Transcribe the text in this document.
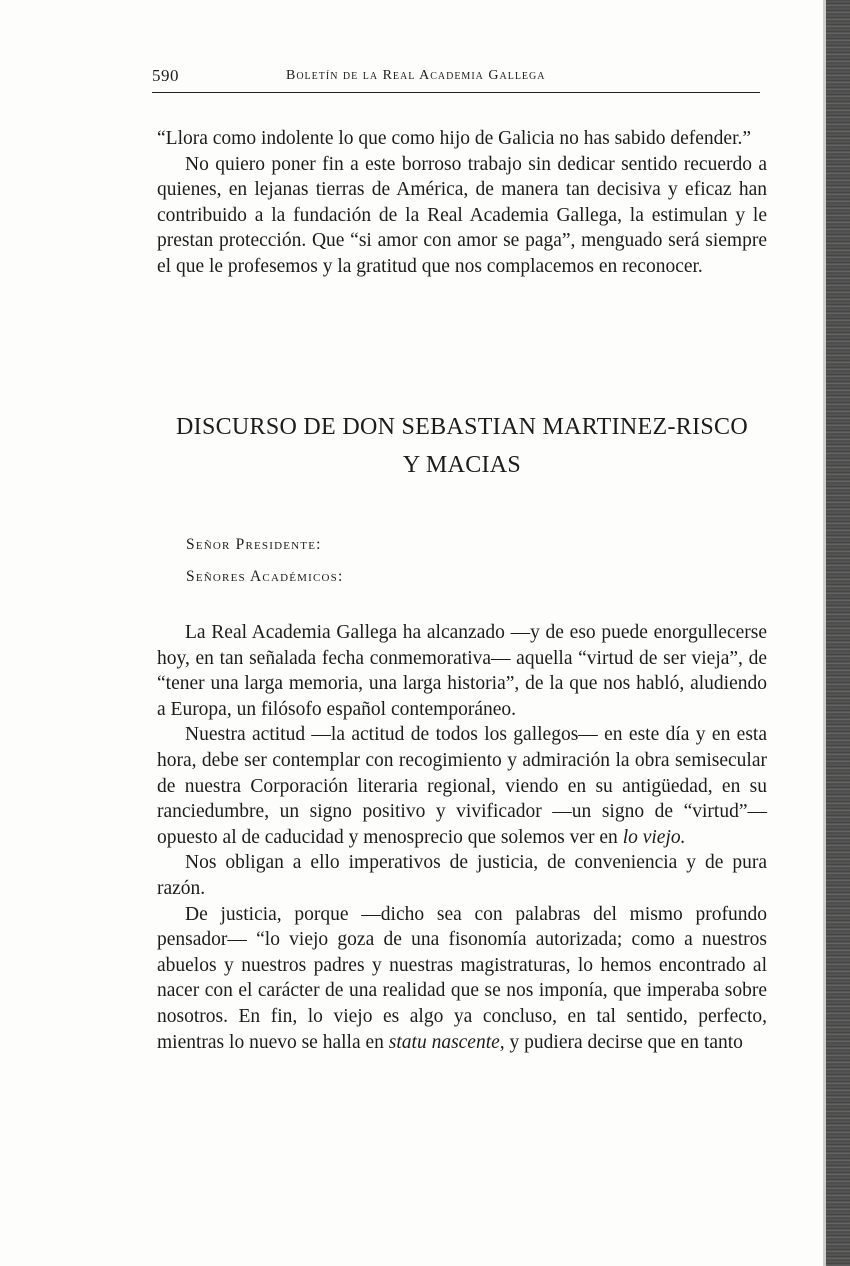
590	Boletín de la Real Academia Gallega

“Llora como indolente lo que como hijo de Galicia no has sabido defender.”

No quiero poner fin a este borroso trabajo sin dedicar sentido recuerdo a quienes, en lejanas tierras de América, de manera tan decisiva y eficaz han contribuido a la fundación de la Real Academia Gallega, la estimulan y le prestan protección. Que “si amor con amor se paga”, menguado será siempre el que le profesemos y la gratitud que nos complacemos en reconocer.

DISCURSO DE DON SEBASTIAN MARTINEZ-RISCO
Y MACIAS
Señor Presidente:
Señores Académicos:

La Real Academia Gallega ha alcanzado —y de eso puede enorgullecerse hoy, en tan señalada fecha conmemorativa— aquella “virtud de ser vieja”, de “tener una larga memoria, una larga historia”, de la que nos habló, aludiendo a Europa, un filósofo español contemporáneo.

Nuestra actitud —la actitud de todos los gallegos— en este día y en esta hora, debe ser contemplar con recogimiento y admiración la obra semisecular de nuestra Corporación literaria regional, viendo en su antigüedad, en su ranciedumbre, un signo positivo y vivificador —un signo de “virtud”— opuesto al de caducidad y menosprecio que solemos ver en lo viejo.

Nos obligan a ello imperativos de justicia, de conveniencia y de pura razón.

De justicia, porque —dicho sea con palabras del mismo profundo pensador— “lo viejo goza de una fisonomía autorizada; como a nuestros abuelos y nuestros padres y nuestras magistraturas, lo hemos encontrado al nacer con el carácter de una realidad que se nos imponía, que imperaba sobre nosotros. En fin, lo viejo es algo ya concluso, en tal sentido, perfecto, mientras lo nuevo se halla en statu nascente, y pudiera decirse que en tanto
